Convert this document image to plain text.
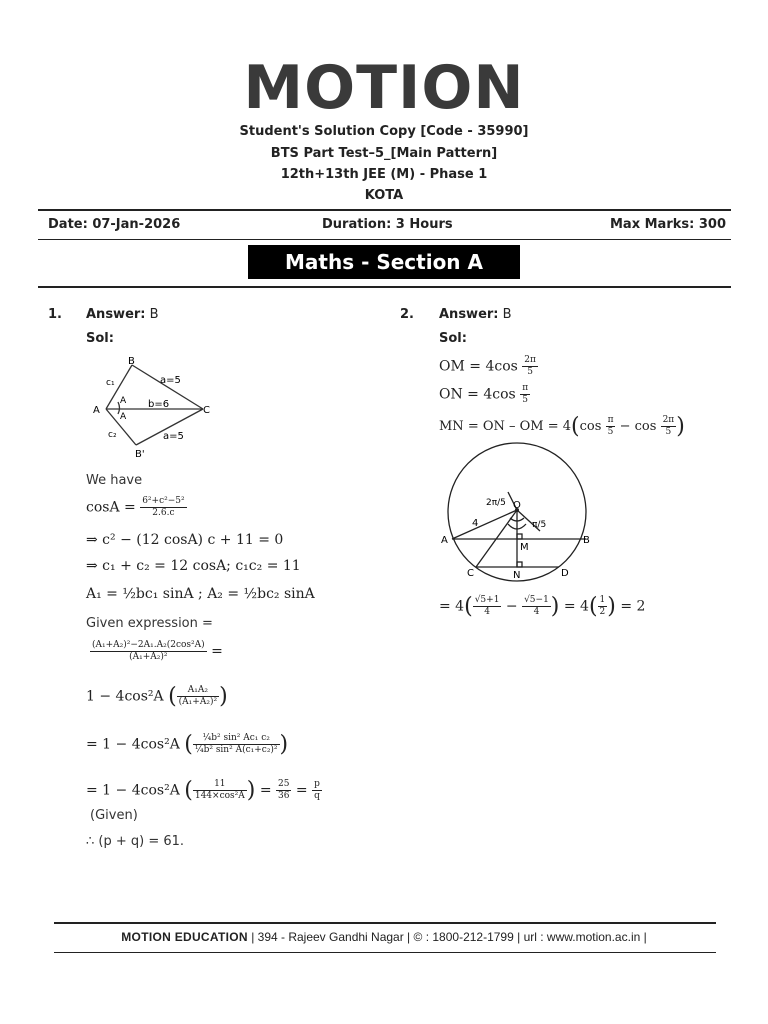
MOTION
Student's Solution Copy [Code - 35990]
BTS Part Test–5_[Main Pattern]
12th+13th JEE (M) - Phase 1
KOTA
Date: 07-Jan-2026	Duration: 3 Hours	Max Marks: 300
Maths - Section A
1. Answer: B
Sol:
B
A	C
B'
c₁
c₂
a=5
b=6
a=5
A
A
We have
$\cos A = \frac{\text{6²+c²−5²}}{2.6.c}$
⇒ c² − (12 cosA) c + 11 = 0
⇒ c₁ + c₂ = 12 cosA; c₁c₂ = 11
A₁ = ½bc₁ sinA ; A₂ = ½bc₂ sinA
Given expression =
$\frac{\text{(A₁+A₂)²−2A₁.A₂(2cos²A)}}{\text{(A₁+A₂)²}}$ =
1 − 4cos²A ( $\frac{\text{A₁A₂}}{\text{(A₁+A₂)²}}$ )
= 1 − 4cos²A ( $\frac{\text{¼b² sin² Ac₁ c₂}}{\text{¼b² sin² A(c₁+c₂)²}}$ )
= 1 − 4cos²A ( $\frac{11}{\text{144×cos²A}}$ ) = $\frac{25}{36} = \frac{p}{q}$
(Given)
∴ (p + q) = 61.
2. Answer: B
Sol:
OM = $4\cos \frac{2\pi}{5}$
ON = $4\cos \frac{\pi}{5}$
MN = ON – OM = $4(\cos \frac{\pi}{5} - \cos \frac{2\pi}{5}$ )
O
A	B
C	D
M
N
4
2π/5
π/5
= $4( \frac{√5+1}{4} - \frac{√5-1}{4}$ ) = $4( \frac{1}{2}$ ) = 2
MOTION EDUCATION | 394 - Rajeev Gandhi Nagar | © : 1800-212-1799 | url : www.motion.ac.in |
